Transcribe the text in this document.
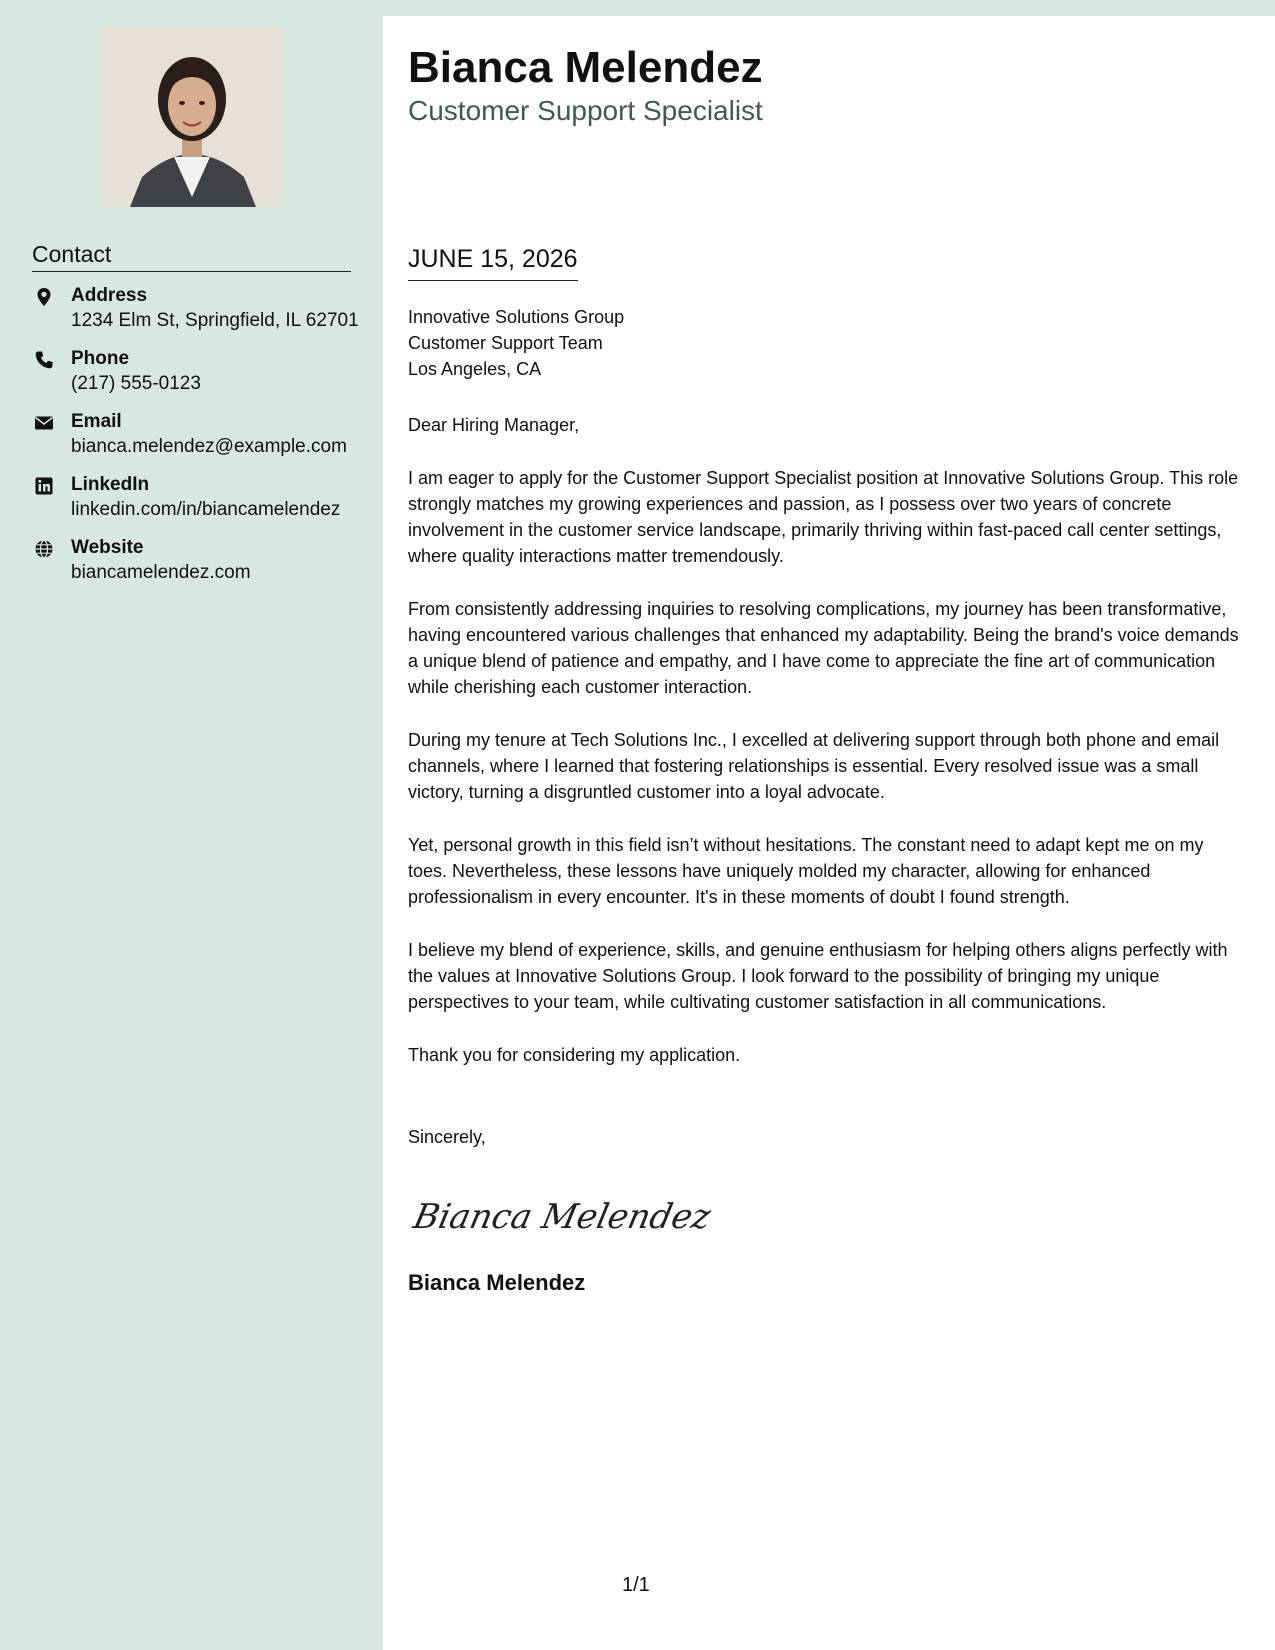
Contact
Address
1234 Elm St, Springfield, IL 62701
Phone
(217) 555-0123
Email
bianca.melendez@example.com
LinkedIn
linkedin.com/in/biancamelendez
Website
biancamelendez.com
Bianca Melendez
Customer Support Specialist
JUNE 15, 2026
Innovative Solutions Group
Customer Support Team
Los Angeles, CA

Dear Hiring Manager,

I am eager to apply for the Customer Support Specialist position at Innovative Solutions Group. This role strongly matches my growing experiences and passion, as I possess over two years of concrete involvement in the customer service landscape, primarily thriving within fast-paced call center settings, where quality interactions matter tremendously.

From consistently addressing inquiries to resolving complications, my journey has been transformative, having encountered various challenges that enhanced my adaptability. Being the brand's voice demands a unique blend of patience and empathy, and I have come to appreciate the fine art of communication while cherishing each customer interaction.

During my tenure at Tech Solutions Inc., I excelled at delivering support through both phone and email channels, where I learned that fostering relationships is essential. Every resolved issue was a small victory, turning a disgruntled customer into a loyal advocate.

Yet, personal growth in this field isn’t without hesitations. The constant need to adapt kept me on my toes. Nevertheless, these lessons have uniquely molded my character, allowing for enhanced professionalism in every encounter. It's in these moments of doubt I found strength.

I believe my blend of experience, skills, and genuine enthusiasm for helping others aligns perfectly with the values at Innovative Solutions Group. I look forward to the possibility of bringing my unique perspectives to your team, while cultivating customer satisfaction in all communications.

Thank you for considering my application.

Sincerely,
Bianca Melendez
Bianca Melendez
1/1
